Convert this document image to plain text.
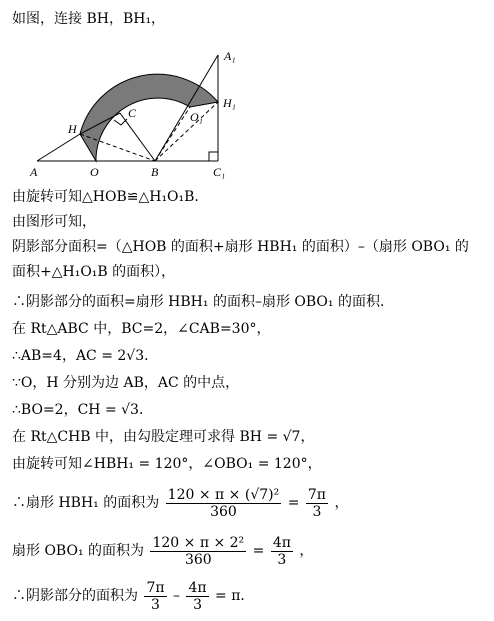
如图，连接 BH，BH₁，
A	O	B	C₁
H
C	O₁
H₁
A₁
由旋转可知△HOB≌△H₁O₁B．
由图形可知，
阴影部分面积=（△HOB 的面积+扇形 HBH₁ 的面积）–（扇形 OBO₁ 的
面积+△H₁O₁B 的面积），
∴阴影部分的面积=扇形 HBH₁ 的面积–扇形 OBO₁ 的面积．
在 Rt△ABC 中，BC=2，∠CAB=30°，
∴AB=4，AC = 2√3．
∵O，H 分别为边 AB，AC 的中点，
∴BO=2，CH = √3．
在 Rt△CHB 中，由勾股定理可求得 BH = √7，
由旋转可知∠HBH₁ = 120°，∠OBO₁ = 120°，
∴扇形 HBH₁ 的面积为 $\frac{\text{120 × π × (√7)²}}{360} = \frac{7\pi}{3}$ ，
扇形 OBO₁ 的面积为 $\frac{\text{120 × π × 2²}}{360} = \frac{4\pi}{3}$ ，
∴阴影部分的面积为 $\frac{7\pi}{3} - \frac{4\pi}{3} = \pi$．
